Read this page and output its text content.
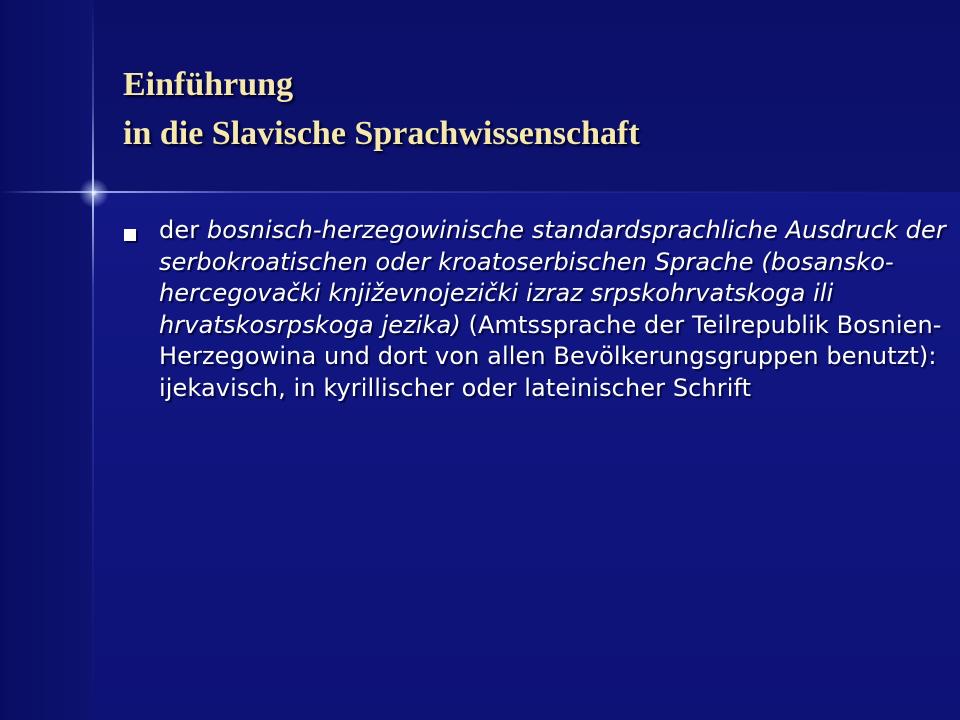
Einführung
in die Slavische Sprachwissenschaft

der bosnisch-herzegowinische standardsprachliche Ausdruck der serbokroatischen oder kroatoserbischen Sprache (bosansko-hercegovački književnojezički izraz srpskohrvatskoga ili hrvatskosrpskoga jezika) (Amtssprache der Teilrepublik Bosnien-Herzegowina und dort von allen Bevölkerungsgruppen benutzt): ijekavisch, in kyrillischer oder lateinischer Schrift
